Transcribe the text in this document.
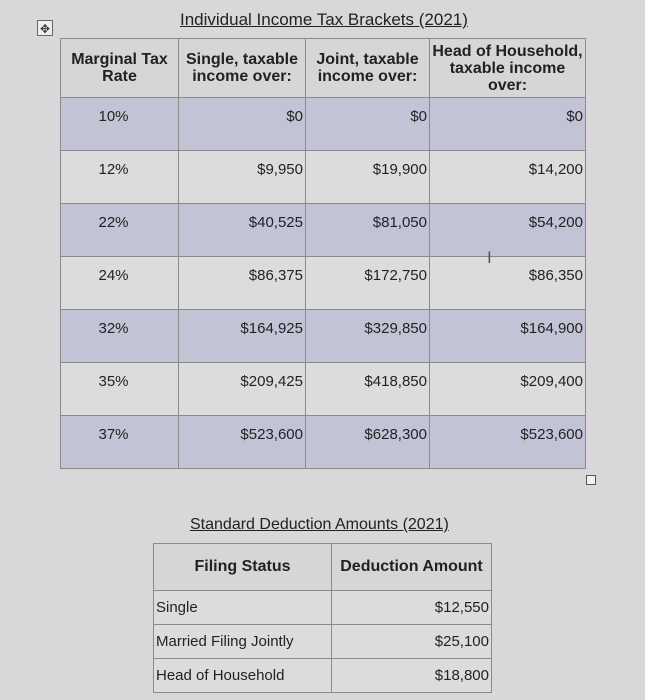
✥	Individual Income Tax Brackets (2021)
Marginal Tax Rate	Single, taxable income over:	Joint, taxable income over:	Head of Household, taxable income over:
10%	$0	$0	$0
12%	$9,950	$19,900	$14,200
22%	$40,525	$81,050	$54,200
24%	$86,375	$172,750	$86,350
32%	$164,925	$329,850	$164,900
35%	$209,425	$418,850	$209,400
37%	$523,600	$628,300	$523,600
I
Standard Deduction Amounts (2021)
Filing Status	Deduction Amount
Single	$12,550
Married Filing Jointly	$25,100
Head of Household	$18,800
